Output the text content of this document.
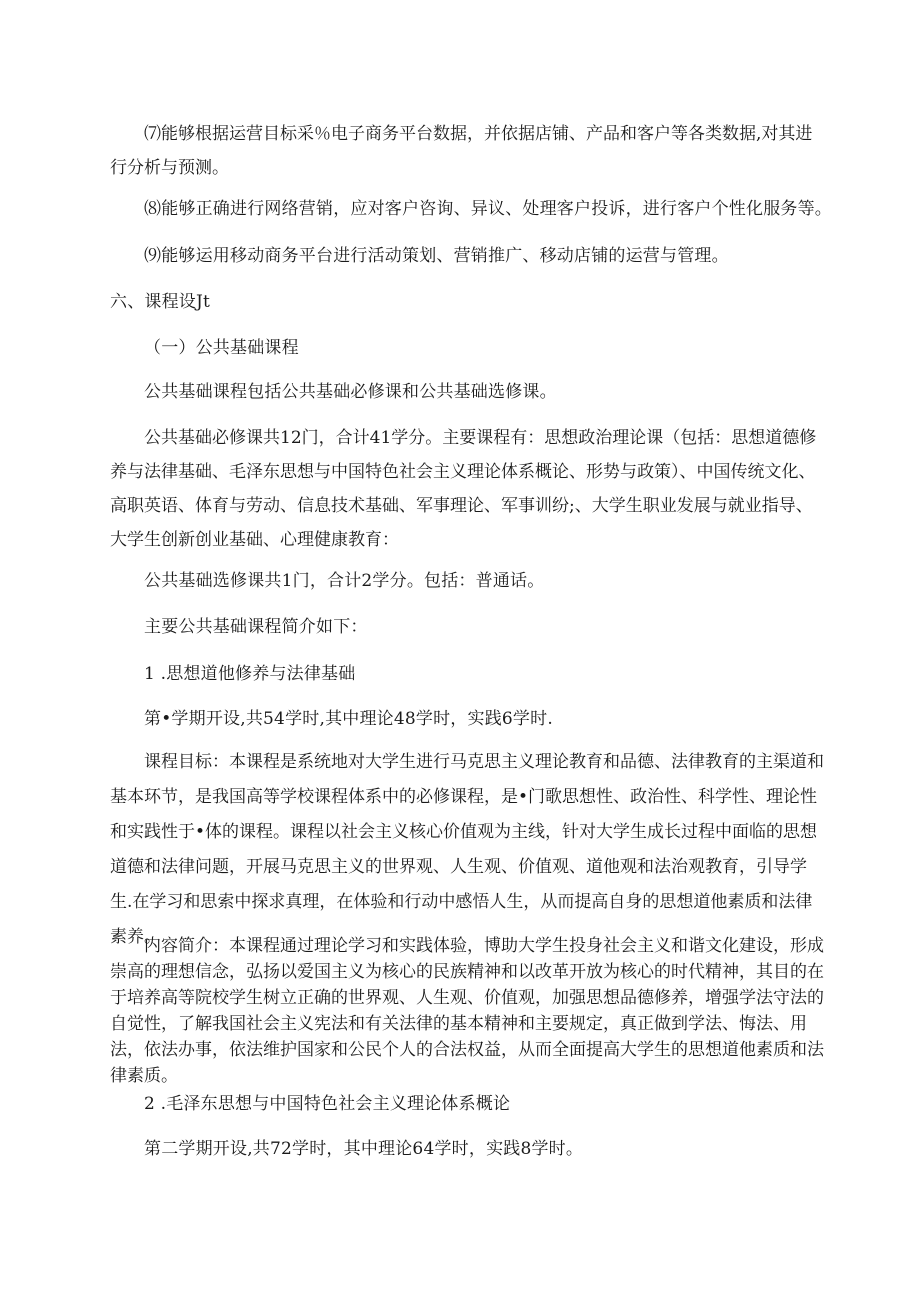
⑺能够根据运营目标采％电子商务平台数据，并依据店铺、产品和客户等各类数据,对其进行分析与预测。
⑻能够正确进行网络营销，应对客户咨询、异议、处理客户投诉，进行客户个性化服务等。
⑼能够运用移动商务平台进行活动策划、营销推广、移动店铺的运营与管理。
六、课程设Jt
（一）公共基础课程
公共基础课程包括公共基础必修课和公共基础选修课。
公共基础必修课共12门，合计41学分。主要课程有：思想政治理论课（包括：思想道德修养与法律基础、毛泽东思想与中国特色社会主义理论体系概论、形势与政策）、中国传统文化、高职英语、体育与劳动、信息技术基础、军事理论、军事训纷;、大学生职业发展与就业指导、大学生创新创业基础、心理健康教育：
公共基础选修课共1门，合计2学分。包括：普通话。
主要公共基础课程简介如下：
1 .思想道他修养与法律基础
第•学期开设,共54学时,其中理论48学时，实践6学时.
课程目标：本课程是系统地对大学生进行马克思主义理论教育和品德、法律教育的主渠道和基本环节，是我国高等学校课程体系中的必修课程，是•门歌思想性、政治性、科学性、理论性和实践性于•体的课程。课程以社会主义核心价值观为主线，针对大学生成长过程中面临的思想道德和法律问题，开展马克思主义的世界观、人生观、价值观、道他观和法治观教育，引导学生.在学习和思索中探求真理，在体验和行动中感悟人生，从而提高自身的思想道他素质和法律素养。
内容简介：本课程通过理论学习和实践体验，博助大学生投身社会主义和谐文化建设，形成崇高的理想信念，弘扬以爱国主义为核心的民族精神和以改革开放为核心的时代精神，其目的在于培养高等院校学生树立正确的世界观、人生观、价值观，加强思想品德修养，增强学法守法的自觉性，了解我国社会主义宪法和有关法律的基本精神和主要规定，真正做到学法、悔法、用法，依法办事，依法维护国家和公民个人的合法权益，从而全面提高大学生的思想道他素质和法律素质。
2 .毛泽东思想与中国特色社会主义理论体系概论
第二学期开设,共72学时，其中理论64学时，实践8学时。
